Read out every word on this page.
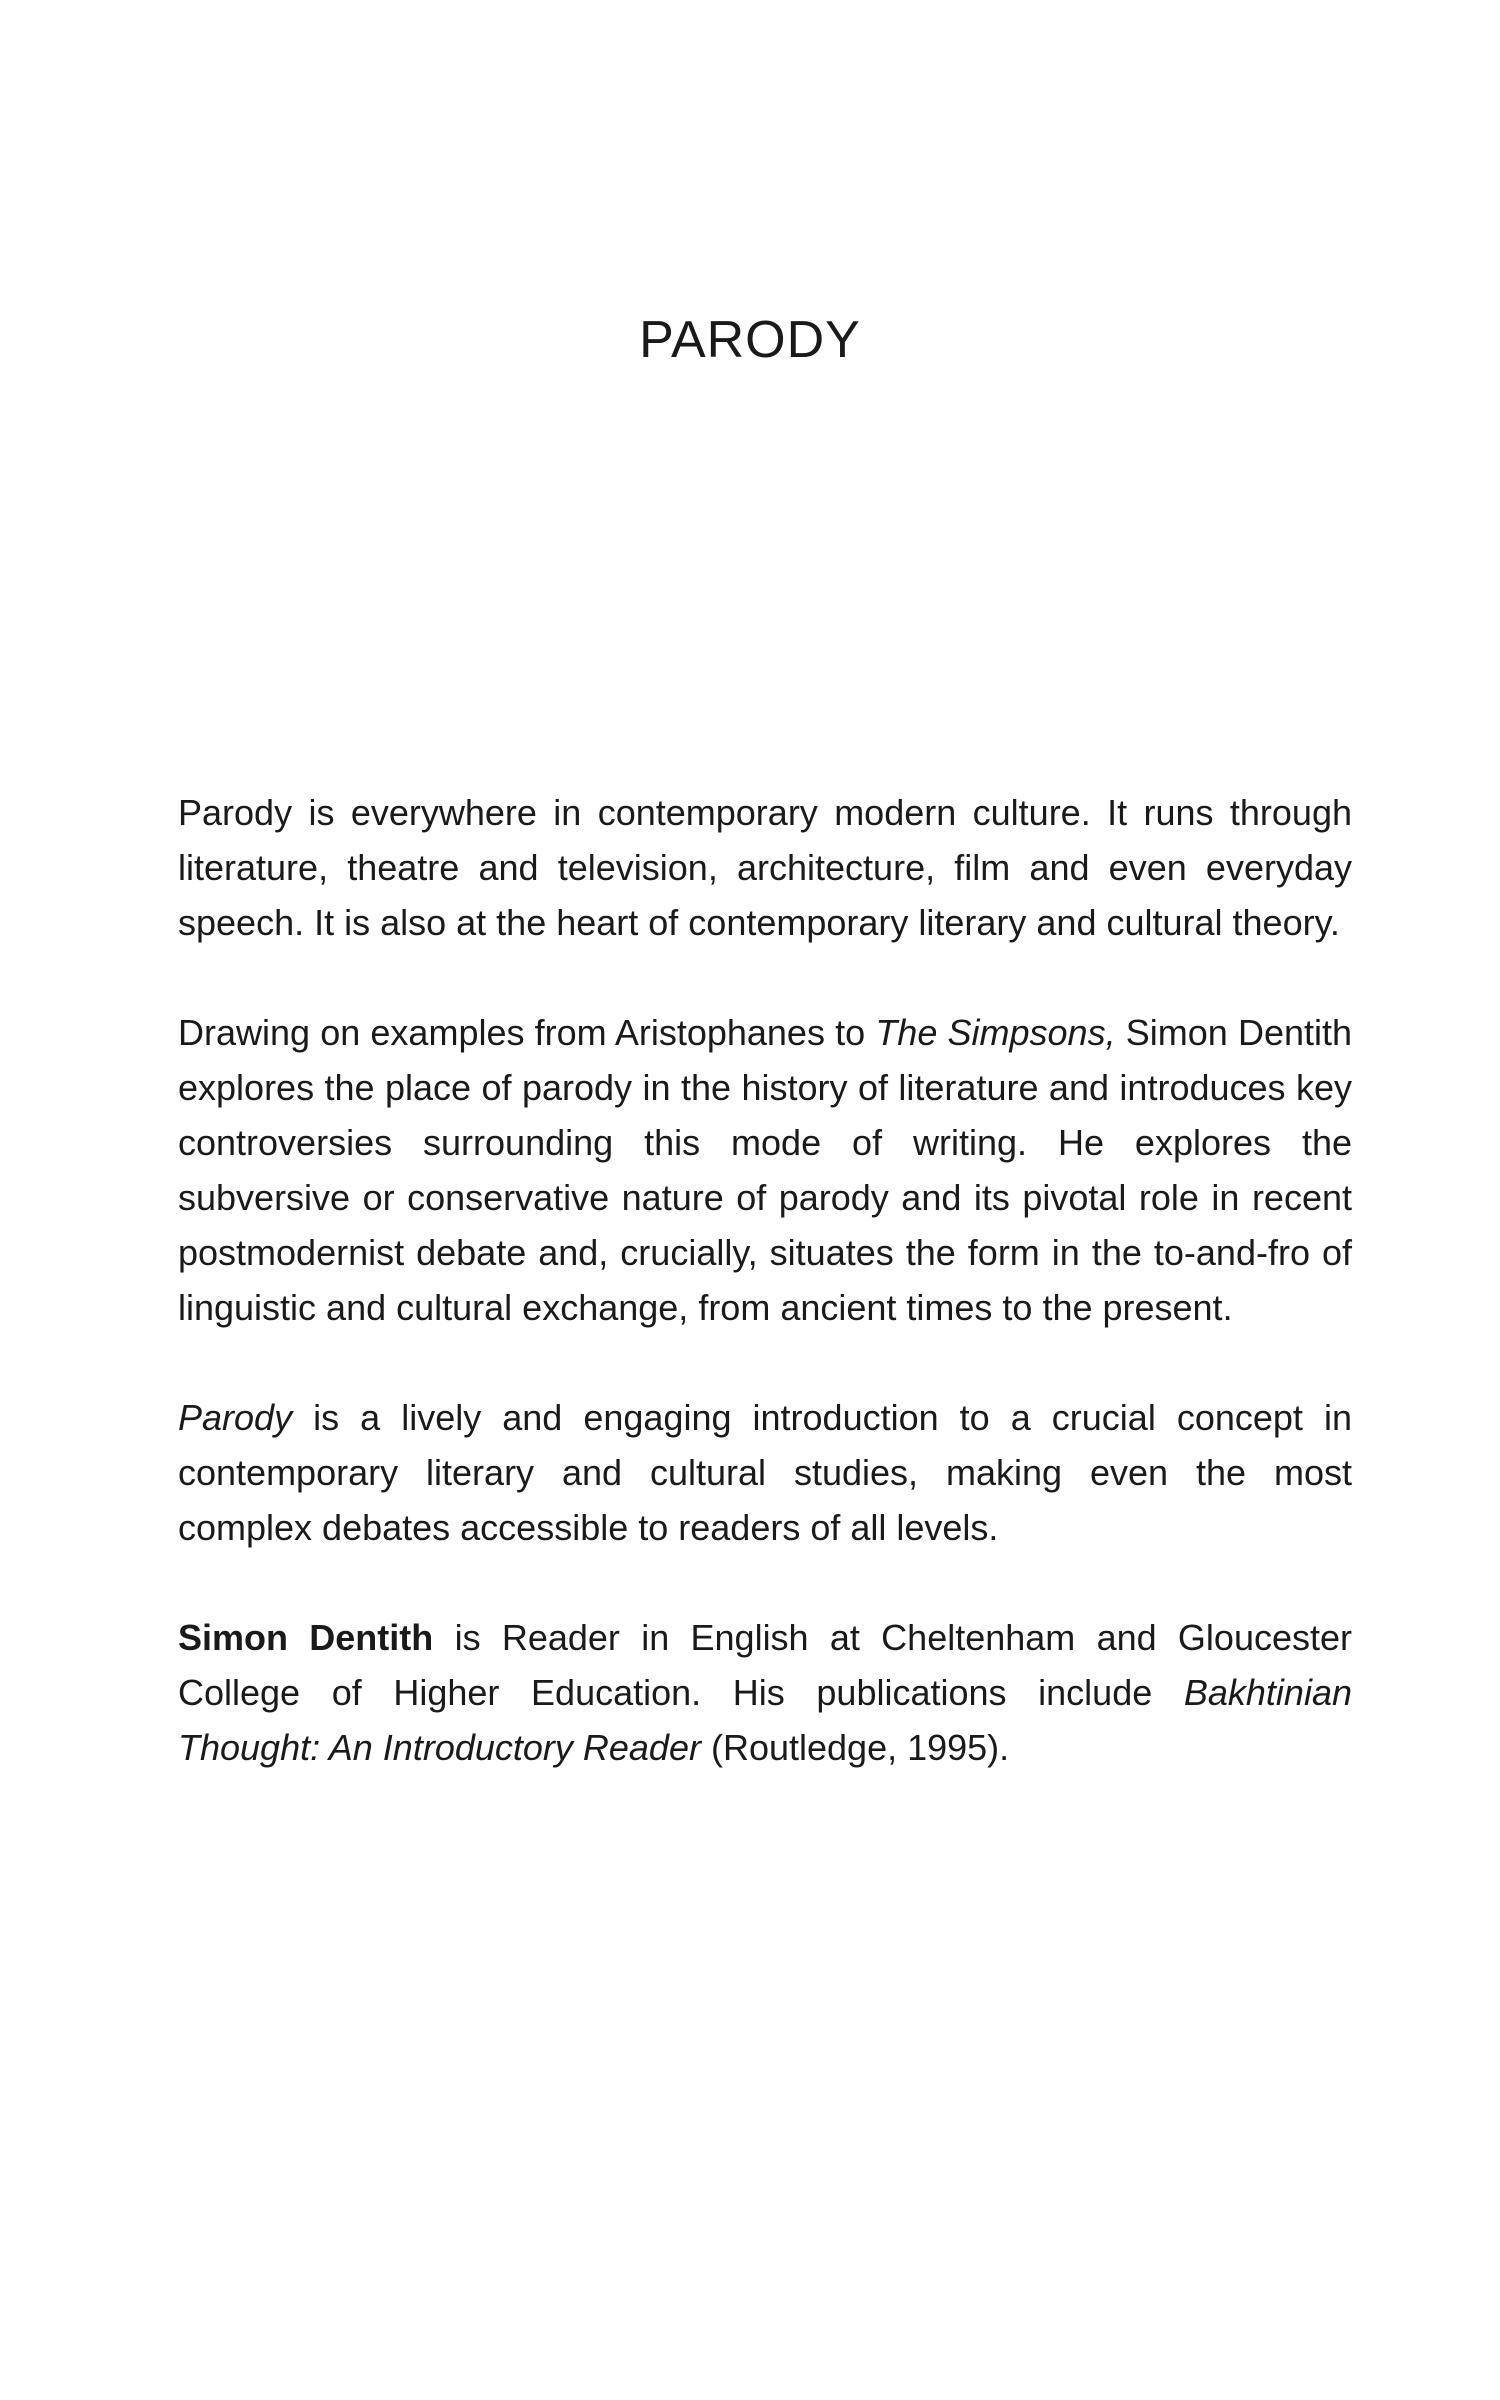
PARODY

Parody is everywhere in contemporary modern culture. It runs through literature, theatre and television, architecture, film and even everyday speech. It is also at the heart of contemporary literary and cultural theory.

Drawing on examples from Aristophanes to The Simpsons, Simon Dentith explores the place of parody in the history of literature and introduces key controversies surrounding this mode of writing. He explores the subversive or conservative nature of parody and its pivotal role in recent postmodernist debate and, crucially, situates the form in the to-and-fro of linguistic and cultural exchange, from ancient times to the present.

Parody is a lively and engaging introduction to a crucial concept in contemporary literary and cultural studies, making even the most complex debates accessible to readers of all levels.

Simon Dentith is Reader in English at Cheltenham and Gloucester College of Higher Education. His publications include Bakhtinian Thought: An Introductory Reader (Routledge, 1995).
